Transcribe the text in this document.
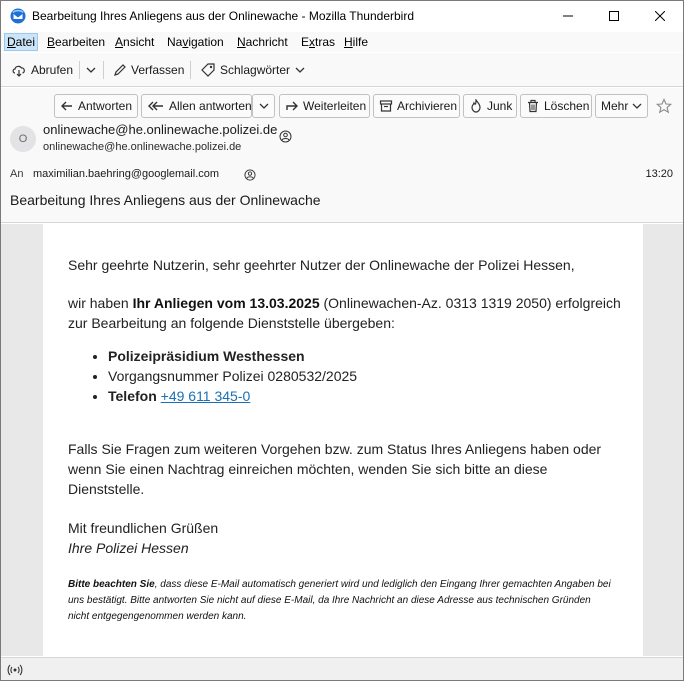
Bearbeitung Ihres Anliegens aus der Onlinewache - Mozilla Thunderbird
Datei Bearbeiten Ansicht Navigation Nachricht Extras Hilfe
Abrufen	Verfassen	Schlagwörter
Antworten	Allen antworten	Weiterleiten	Archivieren Junk	Löschen Mehr
O
onlinewache@he.onlinewache.polizei.de
onlinewache@he.onlinewache.polizei.de
An maximilian.baehring@googlemail.com	13:20
Bearbeitung Ihres Anliegens aus der Onlinewache
Sehr geehrte Nutzerin, sehr geehrter Nutzer der Onlinewache der Polizei Hessen,
wir haben Ihr Anliegen vom 13.03.2025 (Onlinewachen-Az. 0313 1319 2050) erfolgreich zur Bearbeitung an folgende Dienststelle übergeben:
• Polizeipräsidium Westhessen
• Vorgangsnummer Polizei 0280532/2025
• Telefon +49 611 345-0
Falls Sie Fragen zum weiteren Vorgehen bzw. zum Status Ihres Anliegens haben oder wenn Sie einen Nachtrag einreichen möchten, wenden Sie sich bitte an diese Dienststelle.
Mit freundlichen Grüßen
Ihre Polizei Hessen
Bitte beachten Sie, dass diese E-Mail automatisch generiert wird und lediglich den Eingang Ihrer gemachten Angaben bei uns bestätigt. Bitte antworten Sie nicht auf diese E-Mail, da Ihre Nachricht an diese Adresse aus technischen Gründen nicht entgegengenommen werden kann.
